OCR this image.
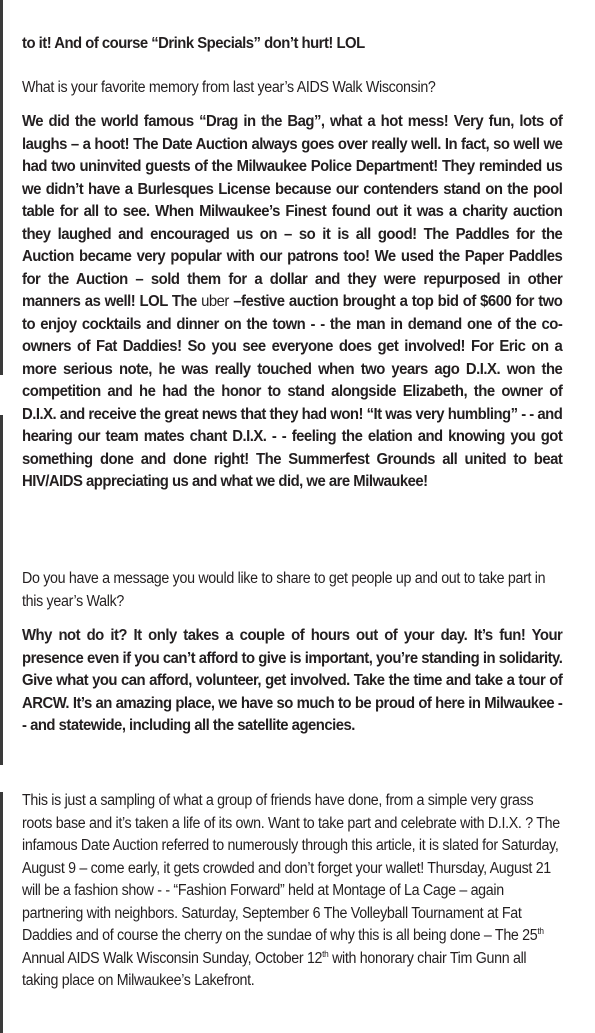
to it! And of course “Drink Specials” don’t hurt! LOL

What is your favorite memory from last year’s AIDS Walk Wisconsin?

We did the world famous “Drag in the Bag”, what a hot mess! Very fun, lots of laughs – a hoot! The Date Auction always goes over really well. In fact, so well we had two uninvited guests of the Milwaukee Police Department! They reminded us we didn’t have a Burlesques License because our contenders stand on the pool table for all to see. When Milwaukee’s Finest found out it was a charity auction they laughed and encouraged us on – so it is all good! The Paddles for the Auction became very popular with our patrons too! We used the Paper Paddles for the Auction – sold them for a dollar and they were repurposed in other manners as well! LOL The uber –festive auction brought a top bid of $600 for two to enjoy cocktails and dinner on the town - - the man in demand one of the co-owners of Fat Daddies! So you see everyone does get involved! For Eric on a more serious note, he was really touched when two years ago D.I.X. won the competition and he had the honor to stand alongside Elizabeth, the owner of D.I.X. and receive the great news that they had won! “It was very humbling” - - and hearing our team mates chant D.I.X. - - feeling the elation and knowing you got something done and done right! The Summerfest Grounds all united to beat HIV/AIDS appreciating us and what we did, we are Milwaukee!

Do you have a message you would like to share to get people up and out to take part in this year’s Walk?

Why not do it? It only takes a couple of hours out of your day. It’s fun! Your presence even if you can’t afford to give is important, you’re standing in solidarity. Give what you can afford, volunteer, get involved. Take the time and take a tour of ARCW. It’s an amazing place, we have so much to be proud of here in Milwaukee - - and statewide, including all the satellite agencies.

This is just a sampling of what a group of friends have done, from a simple very grass roots base and it’s taken a life of its own. Want to take part and celebrate with D.I.X. ? The infamous Date Auction referred to numerously through this article, it is slated for Saturday, August 9 – come early, it gets crowded and don’t forget your wallet! Thursday, August 21 will be a fashion show - - “Fashion Forward” held at Montage of La Cage – again partnering with neighbors. Saturday, September 6 The Volleyball Tournament at Fat Daddies and of course the cherry on the sundae of why this is all being done – The 25th Annual AIDS Walk Wisconsin Sunday, October 12th with honorary chair Tim Gunn all taking place on Milwaukee’s Lakefront.
